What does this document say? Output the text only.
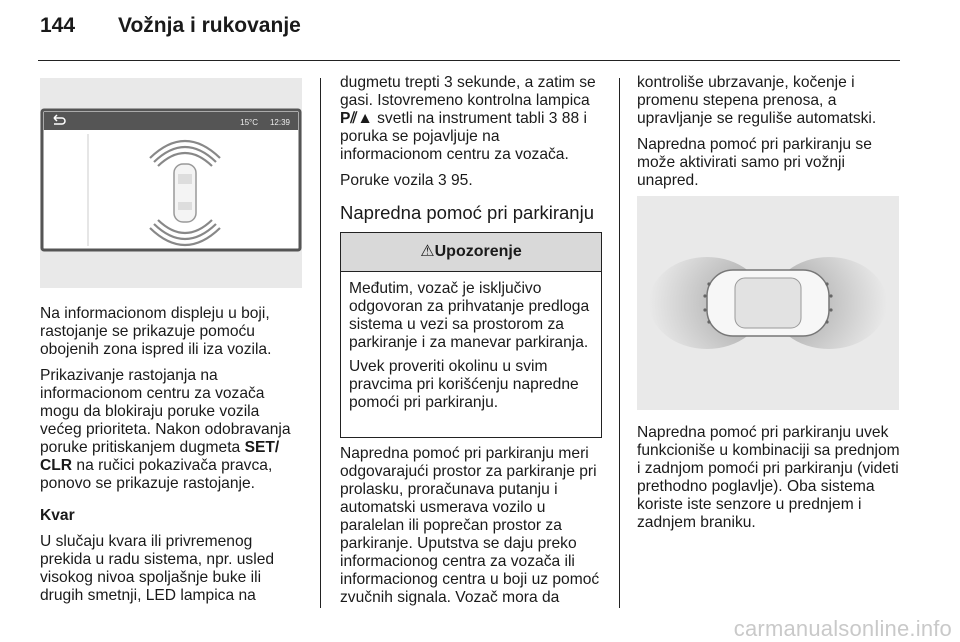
144 Vožnja i rukovanje
15°C 12:39

Na informacionom displeju u boji, rastojanje se prikazuje pomoću obojenih zona ispred ili iza vozila.

Prikazivanje rastojanja na informacionom centru za vozača mogu da blokiraju poruke vozila većeg prioriteta. Nakon odobravanja poruke pritiskanjem dugmeta SET/ CLR na ručici pokazivača pravca, ponovo se prikazuje rastojanje.

Kvar

U slučaju kvara ili privremenog prekida u radu sistema, npr. usled visokog nivoa spoljašnje buke ili drugih smetnji, LED lampica na

dugmetu trepti 3 sekunde, a zatim se gasi. Istovremeno kontrolna lampica
P⫽▲ svetli na instrument tabli 3 88 i poruka se pojavljuje na informacionom centru za vozača.

Poruke vozila 3 95.

Napredna pomoć pri parkiranju

⚠Upozorenje

Međutim, vozač je isključivo odgovoran za prihvatanje predloga sistema u vezi sa prostorom za parkiranje i za manevar parkiranja.

Uvek proveriti okolinu u svim pravcima pri korišćenju napredne pomoći pri parkiranju.

Napredna pomoć pri parkiranju meri odgovarajući prostor za parkiranje pri prolasku, proračunava putanju i automatski usmerava vozilo u paralelan ili poprečan prostor za parkiranje. Uputstva se daju preko informacionog centra za vozača ili informacionog centra u boji uz pomoć zvučnih signala. Vozač mora da

kontroliše ubrzavanje, kočenje i promenu stepena prenosa, a upravljanje se reguliše automatski.

Napredna pomoć pri parkiranju se može aktivirati samo pri vožnji unapred.

Napredna pomoć pri parkiranju uvek funkcioniše u kombinaciji sa prednjom i zadnjom pomoći pri parkiranju (videti prethodno poglavlje). Oba sistema koriste iste senzore u prednjem i zadnjem braniku.

carmanualsonline.info
